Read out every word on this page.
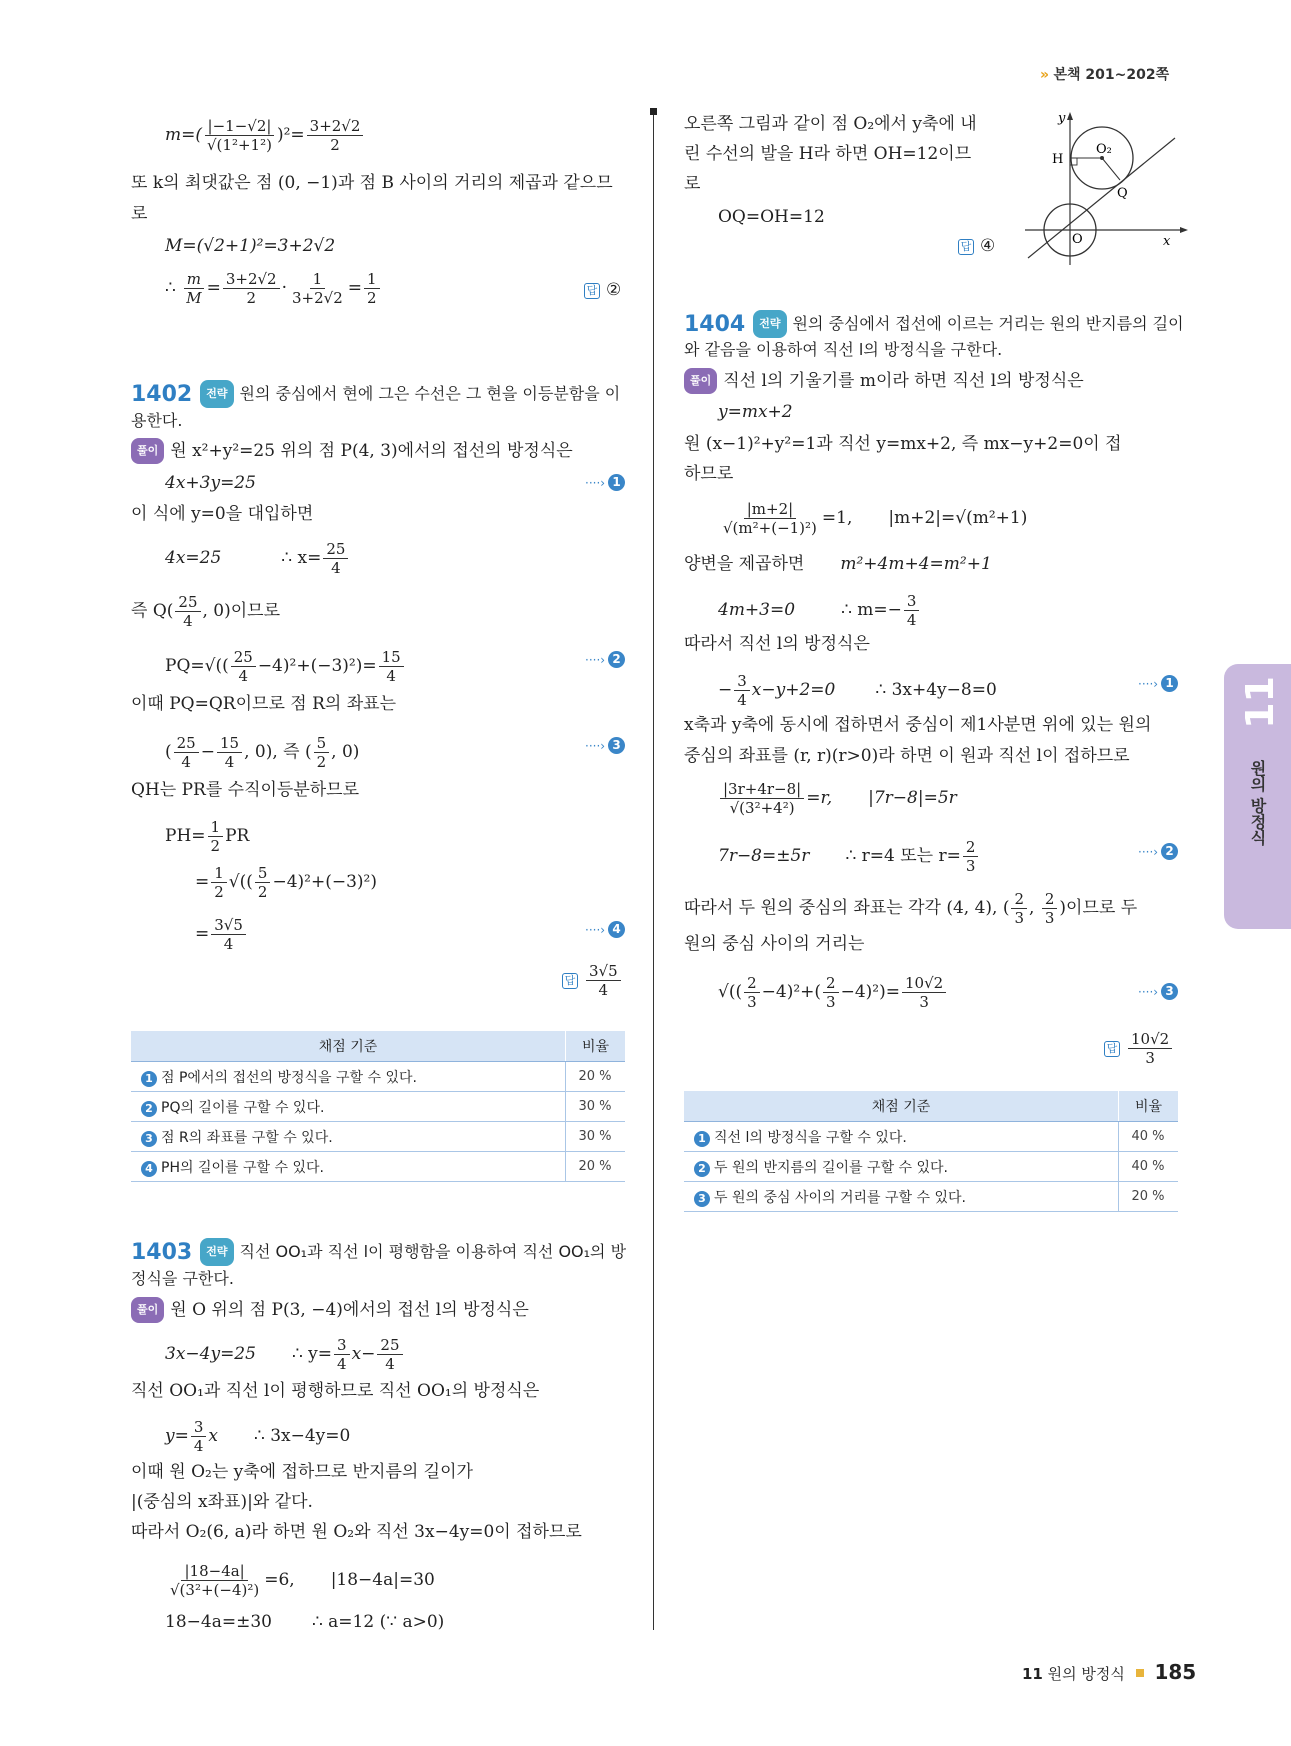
» 본책 201~202쪽
$m=( \frac{|-1-√2|}{\text{√(1²+1²)}} )^2= \frac{3+2√2}{2}$
또 k의 최댓값은 점 (0, −1)과 점 B 사이의 거리의 제곱과 같으므
로
M=(√2+1)²=3+2√2
∴ $\frac{m}{M} = \frac{3+2√2}{2} \cdot \frac{1}{3+2√2} = \frac{1}{2}$	답 ②
1402 전략 원의 중심에서 현에 그은 수선은 그 현을 이등분함을 이
용한다.
풀이 원 x²+y²=25 위의 점 P(4, 3)에서의 접선의 방정식은
4x+3y=25	····› 1
이 식에 y=0을 대입하면
4x=25	∴ $x= \frac{25}{4}$
즉 $Q( \frac{25}{4}$ , 0)이므로
$PQ=√(( \frac{25}{4} -4)^2+(-3)^2)= \frac{15}{4}$	····› 2
이때 PQ=QR이므로 점 R의 좌표는
( $\frac{25}{4} - \frac{15}{4}$ , 0), 즉 ( $\frac{5}{2}$ , 0)	····› 3
QH는 PR를 수직이등분하므로
$PH= \frac{1}{2}$ PR
= $\frac{1}{2}$ √(( $\frac{5}{2} -4)^2+(-3)^2$)
= $\frac{3√5}{4}$	····› 4
답 $\frac{3√5}{4}$
채점 기준	비율
1 점 P에서의 접선의 방정식을 구할 수 있다.	20 %
2 PQ의 길이를 구할 수 있다.	30 %
3 점 R의 좌표를 구할 수 있다.	30 %
4 PH의 길이를 구할 수 있다.	20 %
1403 전략 직선 OO₁과 직선 l이 평행함을 이용하여 직선 OO₁의 방
정식을 구한다.
풀이 원 O 위의 점 P(3, −4)에서의 접선 l의 방정식은
3x−4y=25 ∴ $y= \frac{3}{4} x- \frac{25}{4}$
직선 OO₁과 직선 l이 평행하므로 직선 OO₁의 방정식은
$y= \frac{3}{4}$ x ∴ 3x−4y=0
이때 원 O₂는 y축에 접하므로 반지름의 길이가
|(중심의 x좌표)|와 같다.
따라서 O₂(6, a)라 하면 원 O₂와 직선 3x−4y=0이 접하므로
$\frac{|18-4a|}{\text{√(3²+(−4)²)}} =6$, |18−4a|=30
18−4a=±30 ∴ a=12 (∵ a>0)
오른쪽 그림과 같이 점 O₂에서 y축에 내
린 수선의 발을 H라 하면 OH=12이므
로
OQ=OH=12
답 ④
y
x
H
O₂
Q
O
1404 전략 원의 중심에서 접선에 이르는 거리는 원의 반지름의 길이
와 같음을 이용하여 직선 l의 방정식을 구한다.
풀이 직선 l의 기울기를 m이라 하면 직선 l의 방정식은
y=mx+2
원 (x−1)²+y²=1과 직선 y=mx+2, 즉 mx−y+2=0이 접
하므로
$\frac{|m+2|}{\text{√(m²+(−1)²)}} =1$, |m+2|=√(m²+1)
양변을 제곱하면 m²+4m+4=m²+1
4m+3=0	∴ $m=- \frac{3}{4}$
따라서 직선 l의 방정식은
− $\frac{3}{4} x-y+2=0$ ∴ 3x+4y−8=0	····› 1
x축과 y축에 동시에 접하면서 중심이 제1사분면 위에 있는 원의
중심의 좌표를 (r, r)(r>0)라 하면 이 원과 직선 l이 접하므로
$\frac{|3r+4r-8|}{\text{√(3²+4²)}} =r$, |7r−8|=5r
7r−8=±5r ∴ r=4 또는 $r= \frac{2}{3}$	····› 2
따라서 두 원의 중심의 좌표는 각각 (4, 4), ( $\frac{2}{3}$ , $\frac{2}{3}$ )이므로 두
원의 중심 사이의 거리는
√(( $\frac{2}{3} -4)^2+( \frac{2}{3} -4)^2)= \frac{10√2}{3}$	····› 3
답 $\frac{10√2}{3}$
채점 기준	비율
1 직선 l의 방정식을 구할 수 있다.	40 %
2 두 원의 반지름의 길이를 구할 수 있다.	40 %
3 두 원의 중심 사이의 거리를 구할 수 있다.	20 %
11
원의 방정식
11 원의 방정식 185
